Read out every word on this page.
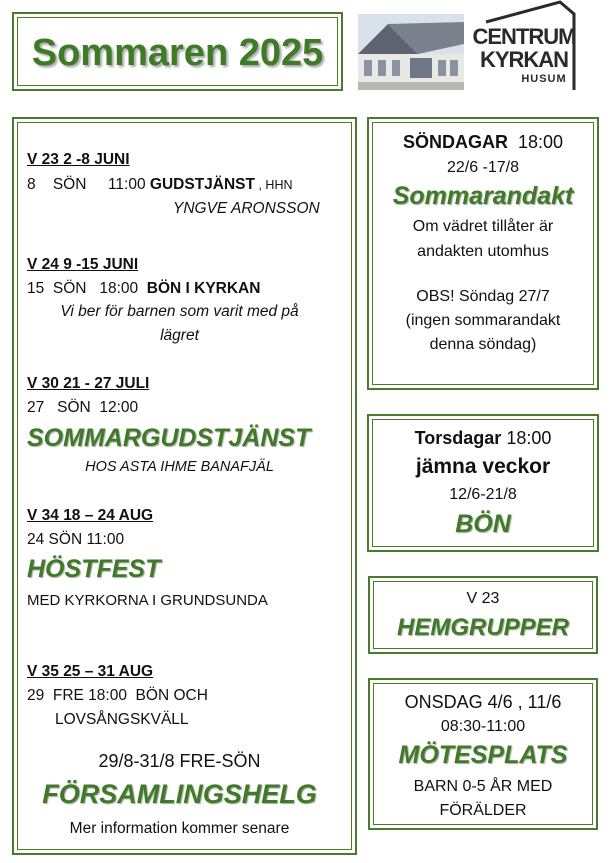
Sommaren 2025	CENTRUM
KYRKAN
HUSUM
V 23 2 -8 JUNI
8    SÖN     11:00 GUDSTJÄNST , HHN
YNGVE ARONSSON
V 24 9 -15 JUNI
15  SÖN   18:00  BÖN I KYRKAN
Vi ber för barnen som varit med på
lägret
V 30 21 - 27 JULI
27   SÖN  12:00
SOMMARGUDSTJÄNST
HOS ASTA IHME BANAFJÄL
V 34 18 – 24 AUG
24 SÖN 11:00
HÖSTFEST
MED KYRKORNA I GRUNDSUNDA
V 35 25 – 31 AUG
29  FRE 18:00  BÖN OCH
LOVSÅNGSKVÄLL
29/8-31/8 FRE-SÖN
FÖRSAMLINGSHELG
Mer information kommer senare
SÖNDAGAR  18:00
22/6 -17/8
Sommarandakt
Om vädret tillåter är
andakten utomhus
OBS! Söndag 27/7
(ingen sommarandakt
denna söndag)
Torsdagar 18:00
jämna veckor
12/6-21/8
BÖN
V 23
HEMGRUPPER
ONSDAG 4/6 , 11/6
08:30-11:00
MÖTESPLATS
BARN 0-5 ÅR MED
FÖRÄLDER
